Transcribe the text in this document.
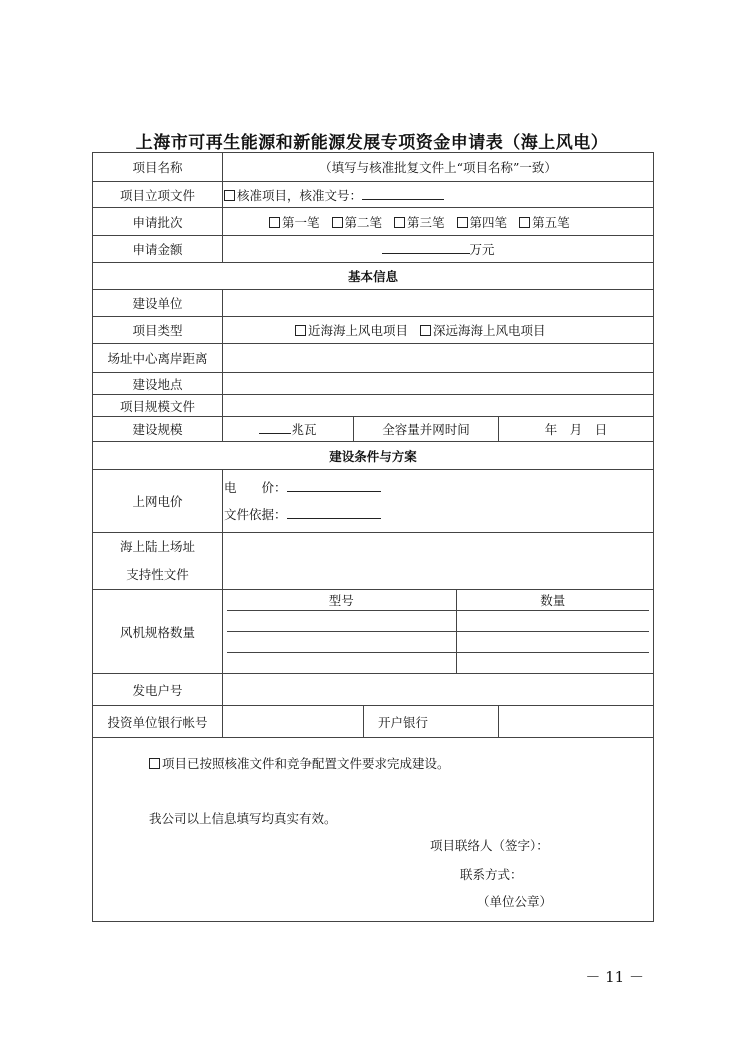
上海市可再生能源和新能源发展专项资金申请表（海上风电）
项目名称	（填写与核准批复文件上“项目名称”一致）
项目立项文件	核准项目，核准文号：
申请批次	第一笔 第二笔 第三笔 第四笔 第五笔
申请金额	万元
基本信息
建设单位	
项目类型	近海海上风电项目 深远海海上风电项目
场址中心离岸距离	
建设地点	
项目规模文件	
建设规模	兆瓦	全容量并网时间	年　月　日
建设条件与方案
上网电价	
电　　价：
文件依据：

海上陆上场址
支持性文件

风机规格数量	
型号	数量

发电户号	
投资单位银行帐号		开户银行	

项目已按照核准文件和竞争配置文件要求完成建设。
我公司以上信息填写均真实有效。
项目联络人（签字）：
联系方式：
（单位公章）
－ 11 －
